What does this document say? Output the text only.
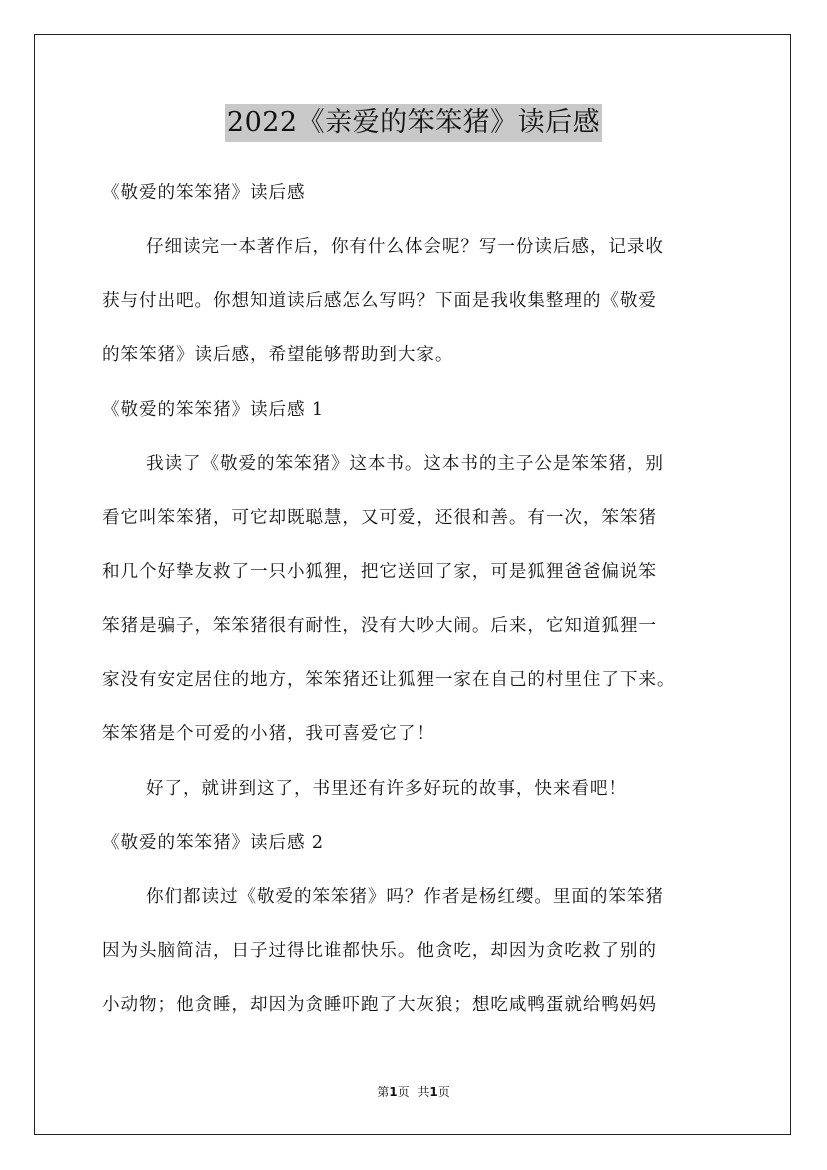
2022《亲爱的笨笨猪》读后感
《敬爱的笨笨猪》读后感
仔细读完一本著作后，你有什么体会呢？写一份读后感，记录收
获与付出吧。你想知道读后感怎么写吗？下面是我收集整理的《敬爱
的笨笨猪》读后感，希望能够帮助到大家。
《敬爱的笨笨猪》读后感 1
我读了《敬爱的笨笨猪》这本书。这本书的主子公是笨笨猪，别
看它叫笨笨猪，可它却既聪慧，又可爱，还很和善。有一次，笨笨猪
和几个好挚友救了一只小狐狸，把它送回了家，可是狐狸爸爸偏说笨
笨猪是骗子，笨笨猪很有耐性，没有大吵大闹。后来，它知道狐狸一
家没有安定居住的地方，笨笨猪还让狐狸一家在自己的村里住了下来。
笨笨猪是个可爱的小猪，我可喜爱它了！
好了，就讲到这了，书里还有许多好玩的故事，快来看吧！
《敬爱的笨笨猪》读后感 2
你们都读过《敬爱的笨笨猪》吗？作者是杨红缨。里面的笨笨猪
因为头脑简洁，日子过得比谁都快乐。他贪吃，却因为贪吃救了别的
小动物；他贪睡，却因为贪睡吓跑了大灰狼；想吃咸鸭蛋就给鸭妈妈
第1页 共1页
